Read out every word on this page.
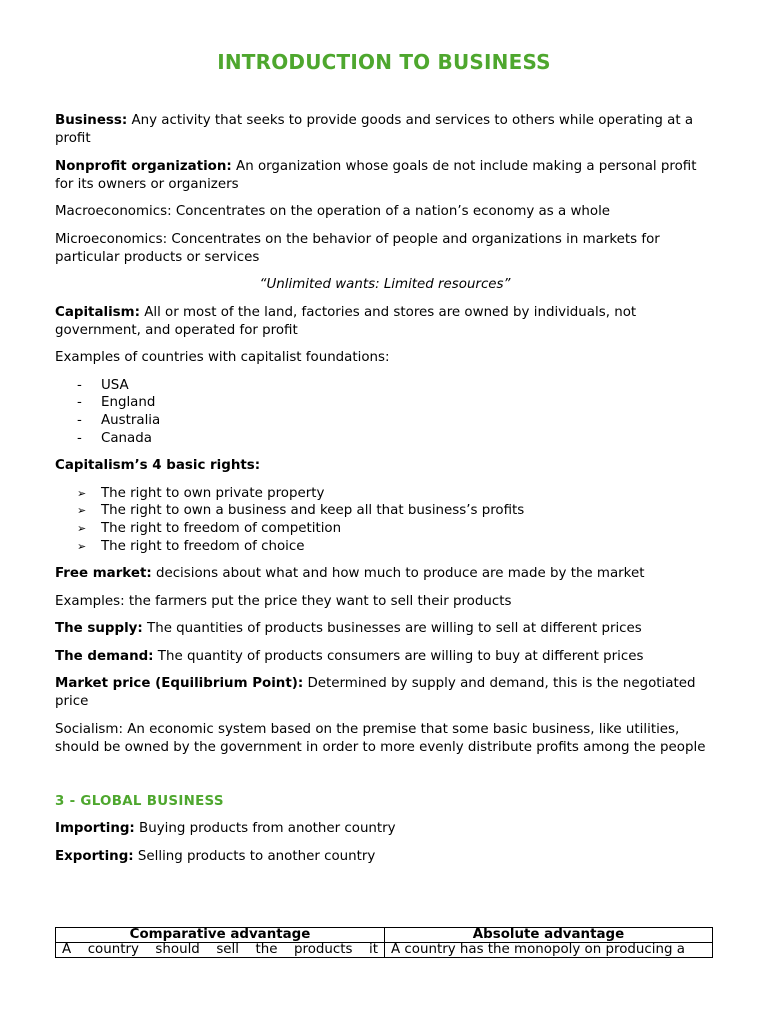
INTRODUCTION TO BUSINESS

Business: Any activity that seeks to provide goods and services to others while operating at a profit

Nonprofit organization: An organization whose goals de not include making a personal profit for its owners or organizers

Macroeconomics: Concentrates on the operation of a nation’s economy as a whole

Microeconomics: Concentrates on the behavior of people and organizations in markets for particular products or services

“Unlimited wants: Limited resources”

Capitalism: All or most of the land, factories and stores are owned by individuals, not government, and operated for profit

Examples of countries with capitalist foundations:

- USA
- England
- Australia
- Canada

Capitalism’s 4 basic rights:

➢ The right to own private property
➢ The right to own a business and keep all that business’s profits
➢ The right to freedom of competition
➢ The right to freedom of choice

Free market: decisions about what and how much to produce are made by the market

Examples: the farmers put the price they want to sell their products

The supply: The quantities of products businesses are willing to sell at different prices

The demand: The quantity of products consumers are willing to buy at different prices

Market price (Equilibrium Point): Determined by supply and demand, this is the negotiated price

Socialism: An economic system based on the premise that some basic business, like utilities, should be owned by the government in order to more evenly distribute profits among the people

3 - GLOBAL BUSINESS

Importing: Buying products from another country

Exporting: Selling products to another country

Comparative advantage	Absolute advantage
A country should sell the products it	A country has the monopoly on producing a
